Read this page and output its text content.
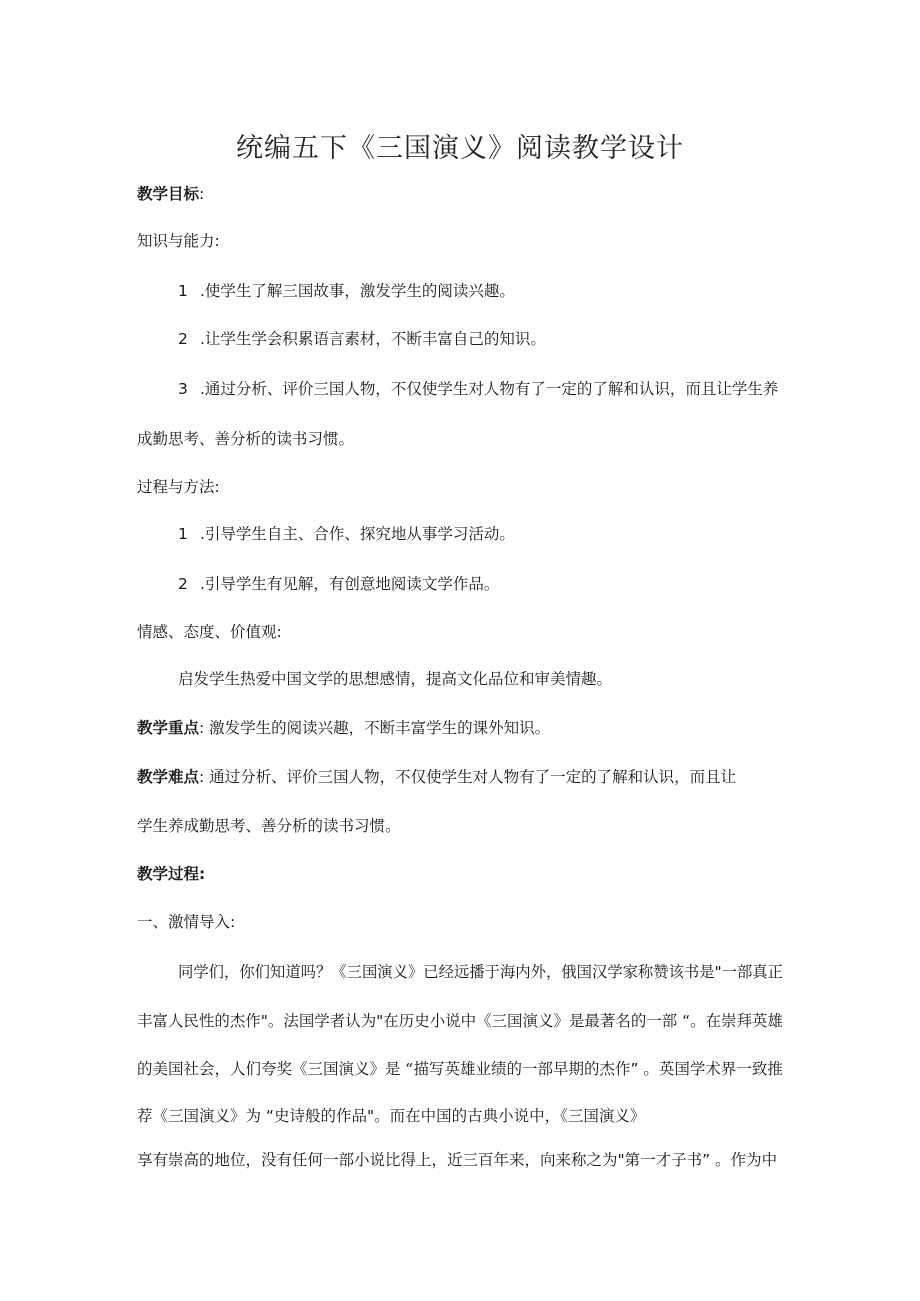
统编五下《三国演义》阅读教学设计
教学目标:
知识与能力:
1 .使学生了解三国故事，激发学生的阅读兴趣。
2 .让学生学会积累语言素材，不断丰富自己的知识。
3 .通过分析、评价三国人物，不仅使学生对人物有了一定的了解和认识，而且让学生养
成勤思考、善分析的读书习惯。
过程与方法:
1 .引导学生自主、合作、探究地从事学习活动。
2 .引导学生有见解，有创意地阅读文学作品。
情感、态度、价值观:
启发学生热爱中国文学的思想感情，提高文化品位和审美情趣。
教学重点: 激发学生的阅读兴趣，不断丰富学生的课外知识。
教学难点: 通过分析、评价三国人物，不仅使学生对人物有了一定的了解和认识，而且让
学生养成勤思考、善分析的读书习惯。
教学过程:
一、激情导入:
同学们，你们知道吗？《三国演义》已经远播于海内外，俄国汉学家称赞该书是"一部真正
丰富人民性的杰作"。法国学者认为"在历史小说中《三国演义》是最著名的一部 “。在崇拜英雄
的美国社会，人们夸奖《三国演义》是 “描写英雄业绩的一部早期的杰作” 。英国学术界一致推
荐《三国演义》为 “史诗般的作品"。而在中国的古典小说中，《三国演义》
享有崇高的地位，没有任何一部小说比得上，近三百年来，向来称之为"第一才子书” 。作为中
